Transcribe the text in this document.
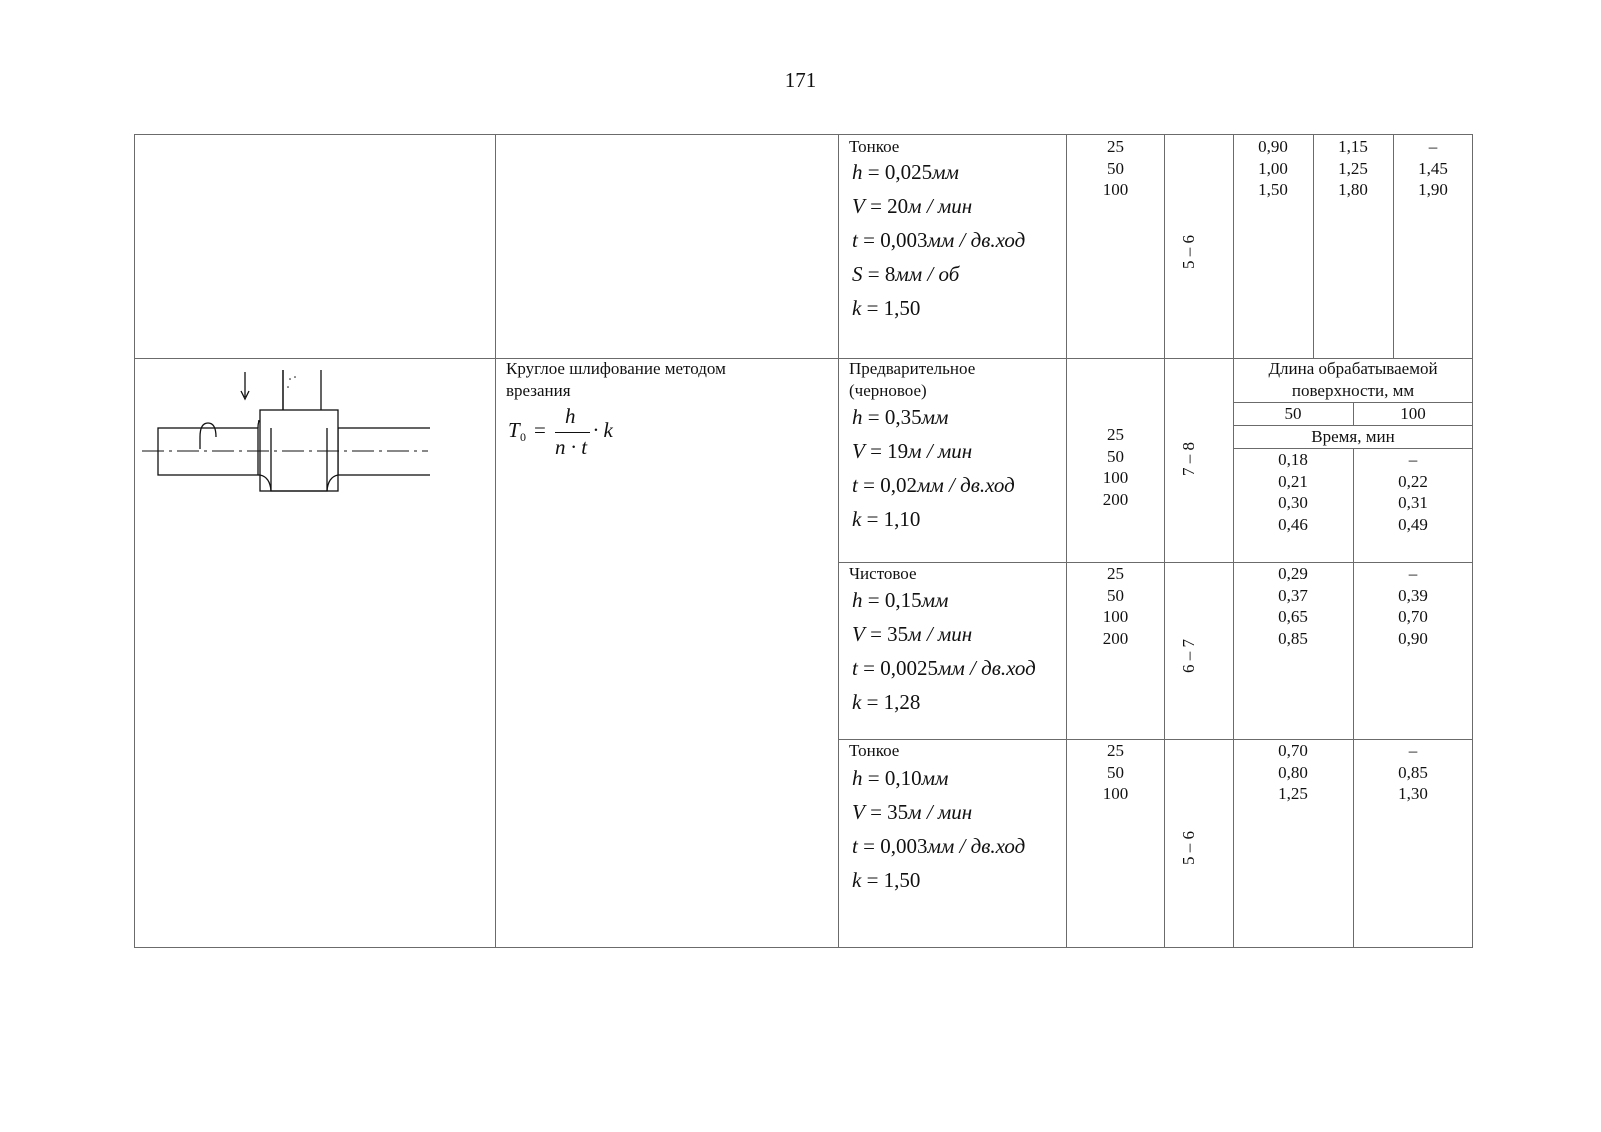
171
Тонкое
h = 0,025мм
V = 20м / мин
t = 0,003мм / дв.ход
S = 8мм / об
k = 1,50
25
50
100
5 – 6
0,90
1,00
1,50
1,15
1,25
1,80
–
1,45
1,90
Круглое шлифование методом
врезания
T 0 =
h
n · t
· k
Длина обрабатываемой
поверхности, мм
50	100
Время, мин
Предварительное
(черновое)
h = 0,35мм
V = 19м / мин
t = 0,02мм / дв.ход
k = 1,10
25
50
100
200
7 – 8	0,18
0,21
0,30
0,46
–
0,22
0,31
0,49
Чистовое
h = 0,15мм
V = 35м / мин
t = 0,0025мм / дв.ход
k = 1,28
25
50
100
200
6 – 7
0,29
0,37
0,65
0,85
–
0,39
0,70
0,90
Тонкое
h = 0,10мм
V = 35м / мин
t = 0,003мм / дв.ход
k = 1,50
25
50
100
5 – 6
0,70
0,80
1,25
–
0,85
1,30
